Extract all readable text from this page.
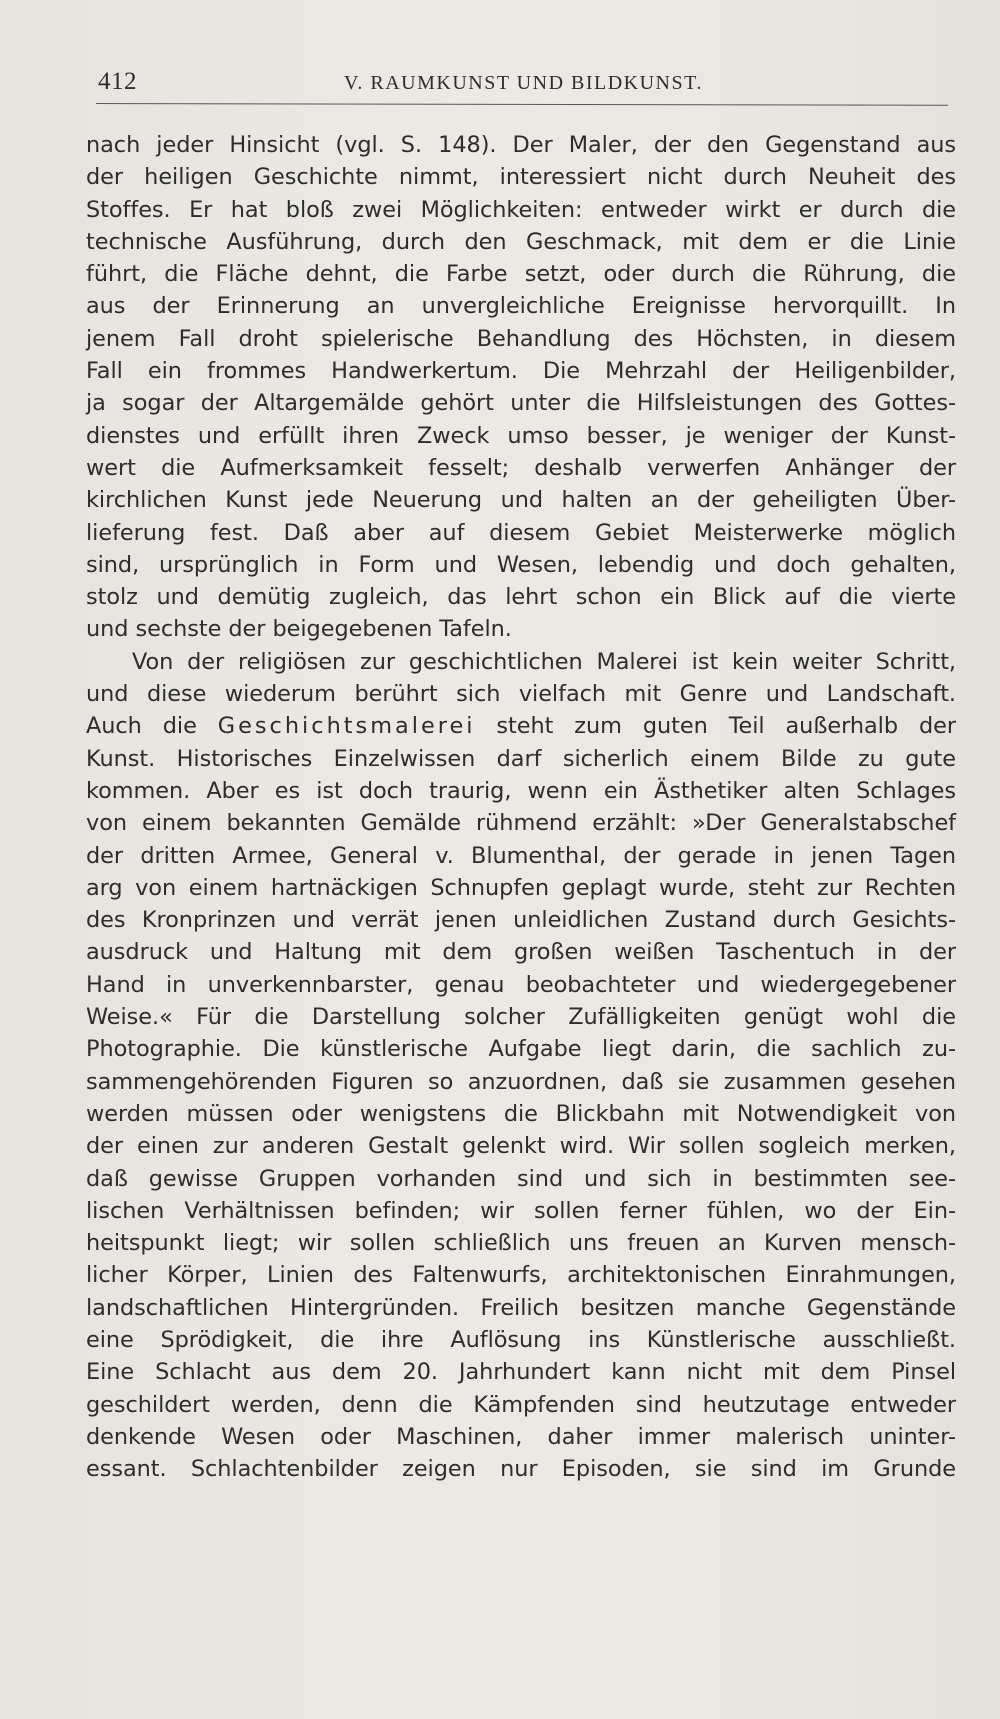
412	V. RAUMKUNST UND BILDKUNST.
nach jeder Hinsicht (vgl. S. 148). Der Maler, der den Gegenstand aus
der heiligen Geschichte nimmt, interessiert nicht durch Neuheit des
Stoffes. Er hat bloß zwei Möglichkeiten: entweder wirkt er durch die
technische Ausführung, durch den Geschmack, mit dem er die Linie
führt, die Fläche dehnt, die Farbe setzt, oder durch die Rührung, die
aus der Erinnerung an unvergleichliche Ereignisse hervorquillt. In
jenem Fall droht spielerische Behandlung des Höchsten, in diesem
Fall ein frommes Handwerkertum. Die Mehrzahl der Heiligenbilder,
ja sogar der Altargemälde gehört unter die Hilfsleistungen des Gottes-
dienstes und erfüllt ihren Zweck umso besser, je weniger der Kunst-
wert die Aufmerksamkeit fesselt; deshalb verwerfen Anhänger der
kirchlichen Kunst jede Neuerung und halten an der geheiligten Über-
lieferung fest. Daß aber auf diesem Gebiet Meisterwerke möglich
sind, ursprünglich in Form und Wesen, lebendig und doch gehalten,
stolz und demütig zugleich, das lehrt schon ein Blick auf die vierte
und sechste der beigegebenen Tafeln.
Von der religiösen zur geschichtlichen Malerei ist kein weiter Schritt,
und diese wiederum berührt sich vielfach mit Genre und Landschaft.
Auch die Geschichtsmalerei steht zum guten Teil außerhalb der
Kunst. Historisches Einzelwissen darf sicherlich einem Bilde zu gute
kommen. Aber es ist doch traurig, wenn ein Ästhetiker alten Schlages
von einem bekannten Gemälde rühmend erzählt: »Der Generalstabschef
der dritten Armee, General v. Blumenthal, der gerade in jenen Tagen
arg von einem hartnäckigen Schnupfen geplagt wurde, steht zur Rechten
des Kronprinzen und verrät jenen unleidlichen Zustand durch Gesichts-
ausdruck und Haltung mit dem großen weißen Taschentuch in der
Hand in unverkennbarster, genau beobachteter und wiedergegebener
Weise.« Für die Darstellung solcher Zufälligkeiten genügt wohl die
Photographie. Die künstlerische Aufgabe liegt darin, die sachlich zu-
sammengehörenden Figuren so anzuordnen, daß sie zusammen gesehen
werden müssen oder wenigstens die Blickbahn mit Notwendigkeit von
der einen zur anderen Gestalt gelenkt wird. Wir sollen sogleich merken,
daß gewisse Gruppen vorhanden sind und sich in bestimmten see-
lischen Verhältnissen befinden; wir sollen ferner fühlen, wo der Ein-
heitspunkt liegt; wir sollen schließlich uns freuen an Kurven mensch-
licher Körper, Linien des Faltenwurfs, architektonischen Einrahmungen,
landschaftlichen Hintergründen. Freilich besitzen manche Gegenstände
eine Sprödigkeit, die ihre Auflösung ins Künstlerische ausschließt.
Eine Schlacht aus dem 20. Jahrhundert kann nicht mit dem Pinsel
geschildert werden, denn die Kämpfenden sind heutzutage entweder
denkende Wesen oder Maschinen, daher immer malerisch uninter-
essant. Schlachtenbilder zeigen nur Episoden, sie sind im Grunde
